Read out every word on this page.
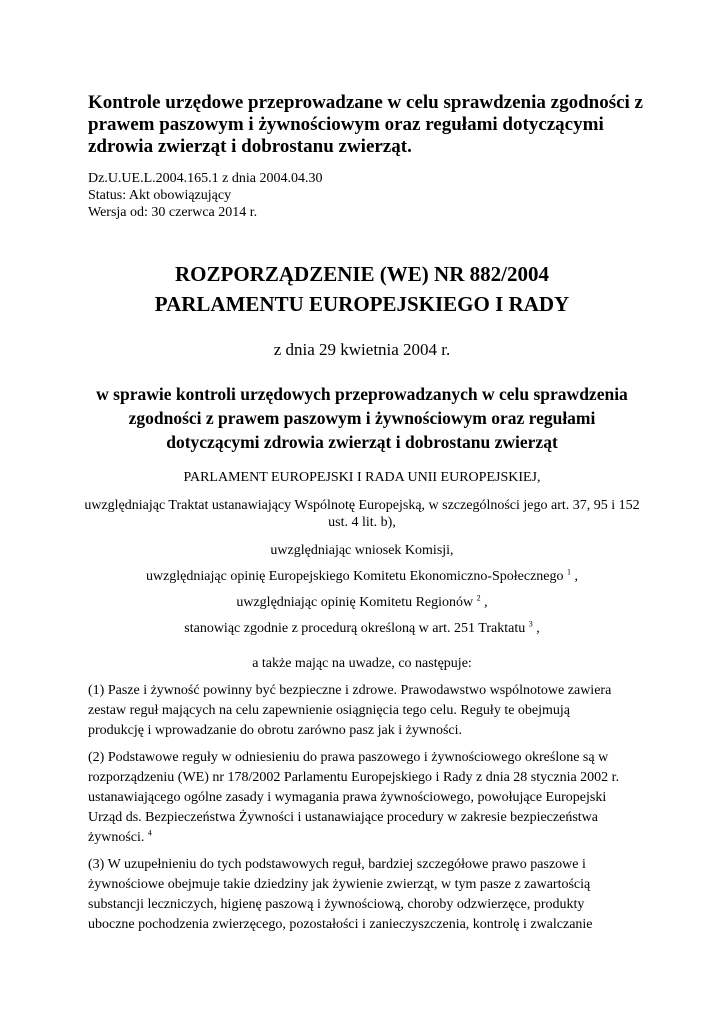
Kontrole urzędowe przeprowadzane w celu sprawdzenia zgodności z prawem paszowym i żywnościowym oraz regułami dotyczącymi zdrowia zwierząt i dobrostanu zwierząt.
Dz.U.UE.L.2004.165.1 z dnia 2004.04.30
Status: Akt obowiązujący
Wersja od: 30 czerwca 2014 r.
ROZPORZĄDZENIE (WE) NR 882/2004
PARLAMENTU EUROPEJSKIEGO I RADY
z dnia 29 kwietnia 2004 r.
w sprawie kontroli urzędowych przeprowadzanych w celu sprawdzenia zgodności z prawem paszowym i żywnościowym oraz regułami dotyczącymi zdrowia zwierząt i dobrostanu zwierząt
PARLAMENT EUROPEJSKI I RADA UNII EUROPEJSKIEJ,
uwzględniając Traktat ustanawiający Wspólnotę Europejską, w szczególności jego art. 37, 95 i 152 ust. 4 lit. b),
uwzględniając wniosek Komisji,
uwzględniając opinię Europejskiego Komitetu Ekonomiczno-Społecznego $^1$ ,
uwzględniając opinię Komitetu Regionów $^2$ ,
stanowiąc zgodnie z procedurą określoną w art. 251 Traktatu $^3$ ,
a także mając na uwadze, co następuje:

(1) Pasze i żywność powinny być bezpieczne i zdrowe. Prawodawstwo wspólnotowe zawiera zestaw reguł mających na celu zapewnienie osiągnięcia tego celu. Reguły te obejmują produkcję i wprowadzanie do obrotu zarówno pasz jak i żywności.

(2) Podstawowe reguły w odniesieniu do prawa paszowego i żywnościowego określone są w rozporządzeniu (WE) nr 178/2002 Parlamentu Europejskiego i Rady z dnia 28 stycznia 2002 r. ustanawiającego ogólne zasady i wymagania prawa żywnościowego, powołujące Europejski Urząd ds. Bezpieczeństwa Żywności i ustanawiające procedury w zakresie bezpieczeństwa żywności. $^4$

(3) W uzupełnieniu do tych podstawowych reguł, bardziej szczegółowe prawo paszowe i żywnościowe obejmuje takie dziedziny jak żywienie zwierząt, w tym pasze z zawartością substancji leczniczych, higienę paszową i żywnościową, choroby odzwierzęce, produkty uboczne pochodzenia zwierzęcego, pozostałości i zanieczyszczenia, kontrolę i zwalczanie
